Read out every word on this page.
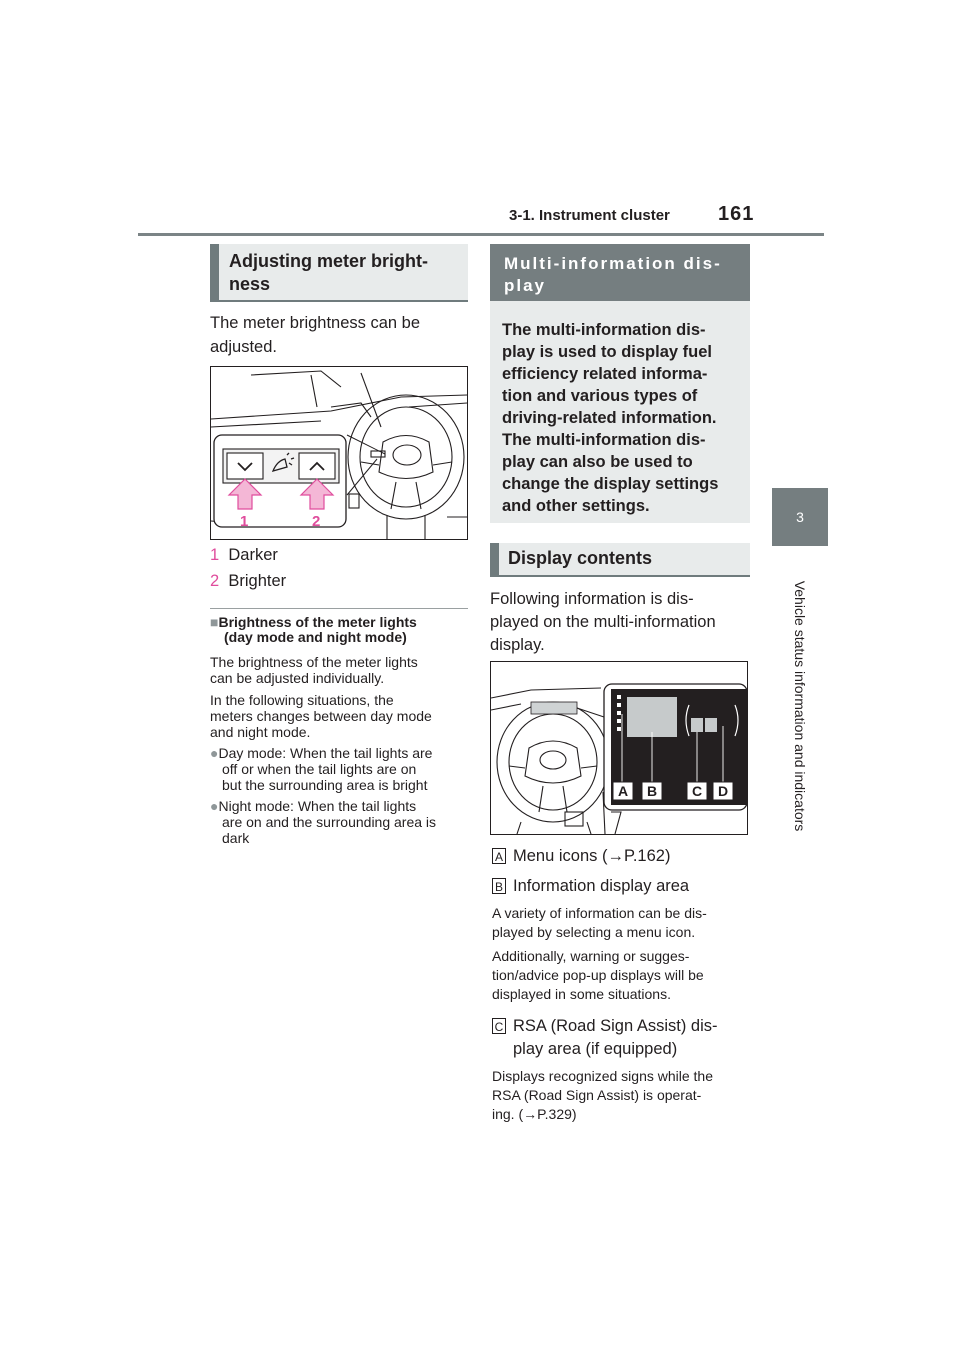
3-1. Instrument cluster 161
3
Vehicle status information and indicators
Adjusting meter bright-
ness
The meter brightness can be
adjusted.
1	2
1 Darker
2 Brighter
■Brightness of the meter lights
(day mode and night mode)
The brightness of the meter lights
can be adjusted individually.
In the following situations, the
meters changes between day mode
and night mode.
●Day mode: When the tail lights are
off or when the tail lights are on
but the surrounding area is bright
●Night mode: When the tail lights
are on and the surrounding area is
dark
Multi-information dis-
play
The multi-information dis-
play is used to display fuel
efficiency related informa-
tion and various types of
driving-related information.
The multi-information dis-
play can also be used to
change the display settings
and other settings.
Display contents
Following information is dis-
played on the multi-information
display.
A B C D
A Menu icons (→P.162)
B Information display area
A variety of information can be dis-
played by selecting a menu icon.
Additionally, warning or sugges-
tion/advice pop-up displays will be
displayed in some situations.
C RSA (Road Sign Assist) dis-
play area (if equipped)
Displays recognized signs while the
RSA (Road Sign Assist) is operat-
ing. (→P.329)
